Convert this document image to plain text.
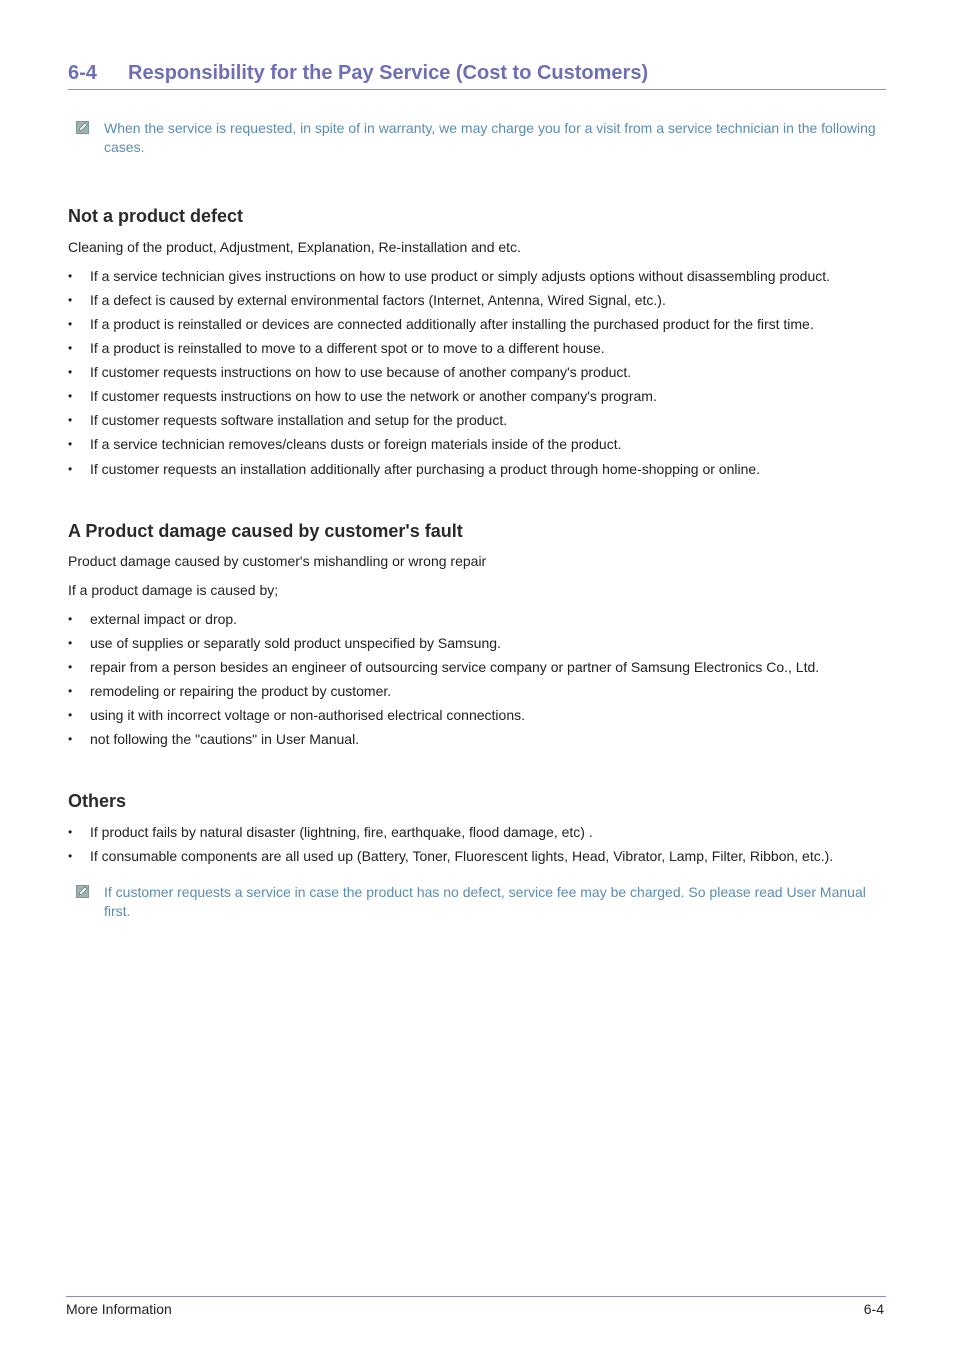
6-4 Responsibility for the Pay Service (Cost to Customers)
When the service is requested, in spite of in warranty, we may charge you for a visit from a service technician in the following cases.
Not a product defect

Cleaning of the product, Adjustment, Explanation, Re-installation and etc.

• If a service technician gives instructions on how to use product or simply adjusts options without disassembling product.
• If a defect is caused by external environmental factors (Internet, Antenna, Wired Signal, etc.).
• If a product is reinstalled or devices are connected additionally after installing the purchased product for the first time.
• If a product is reinstalled to move to a different spot or to move to a different house.
• If customer requests instructions on how to use because of another company's product.
• If customer requests instructions on how to use the network or another company's program.
• If customer requests software installation and setup for the product.
• If a service technician removes/cleans dusts or foreign materials inside of the product.
• If customer requests an installation additionally after purchasing a product through home-shopping or online.
A Product damage caused by customer's fault

Product damage caused by customer's mishandling or wrong repair

If a product damage is caused by;

• external impact or drop.
• use of supplies or separatly sold product unspecified by Samsung.
• repair from a person besides an engineer of outsourcing service company or partner of Samsung Electronics Co., Ltd.
• remodeling or repairing the product by customer.
• using it with incorrect voltage or non-authorised electrical connections.
• not following the "cautions" in User Manual.
Others
• If product fails by natural disaster (lightning, fire, earthquake, flood damage, etc) .
• If consumable components are all used up (Battery, Toner, Fluorescent lights, Head, Vibrator, Lamp, Filter, Ribbon, etc.).
If customer requests a service in case the product has no defect, service fee may be charged. So please read User Manual first.
More Information	6-4
